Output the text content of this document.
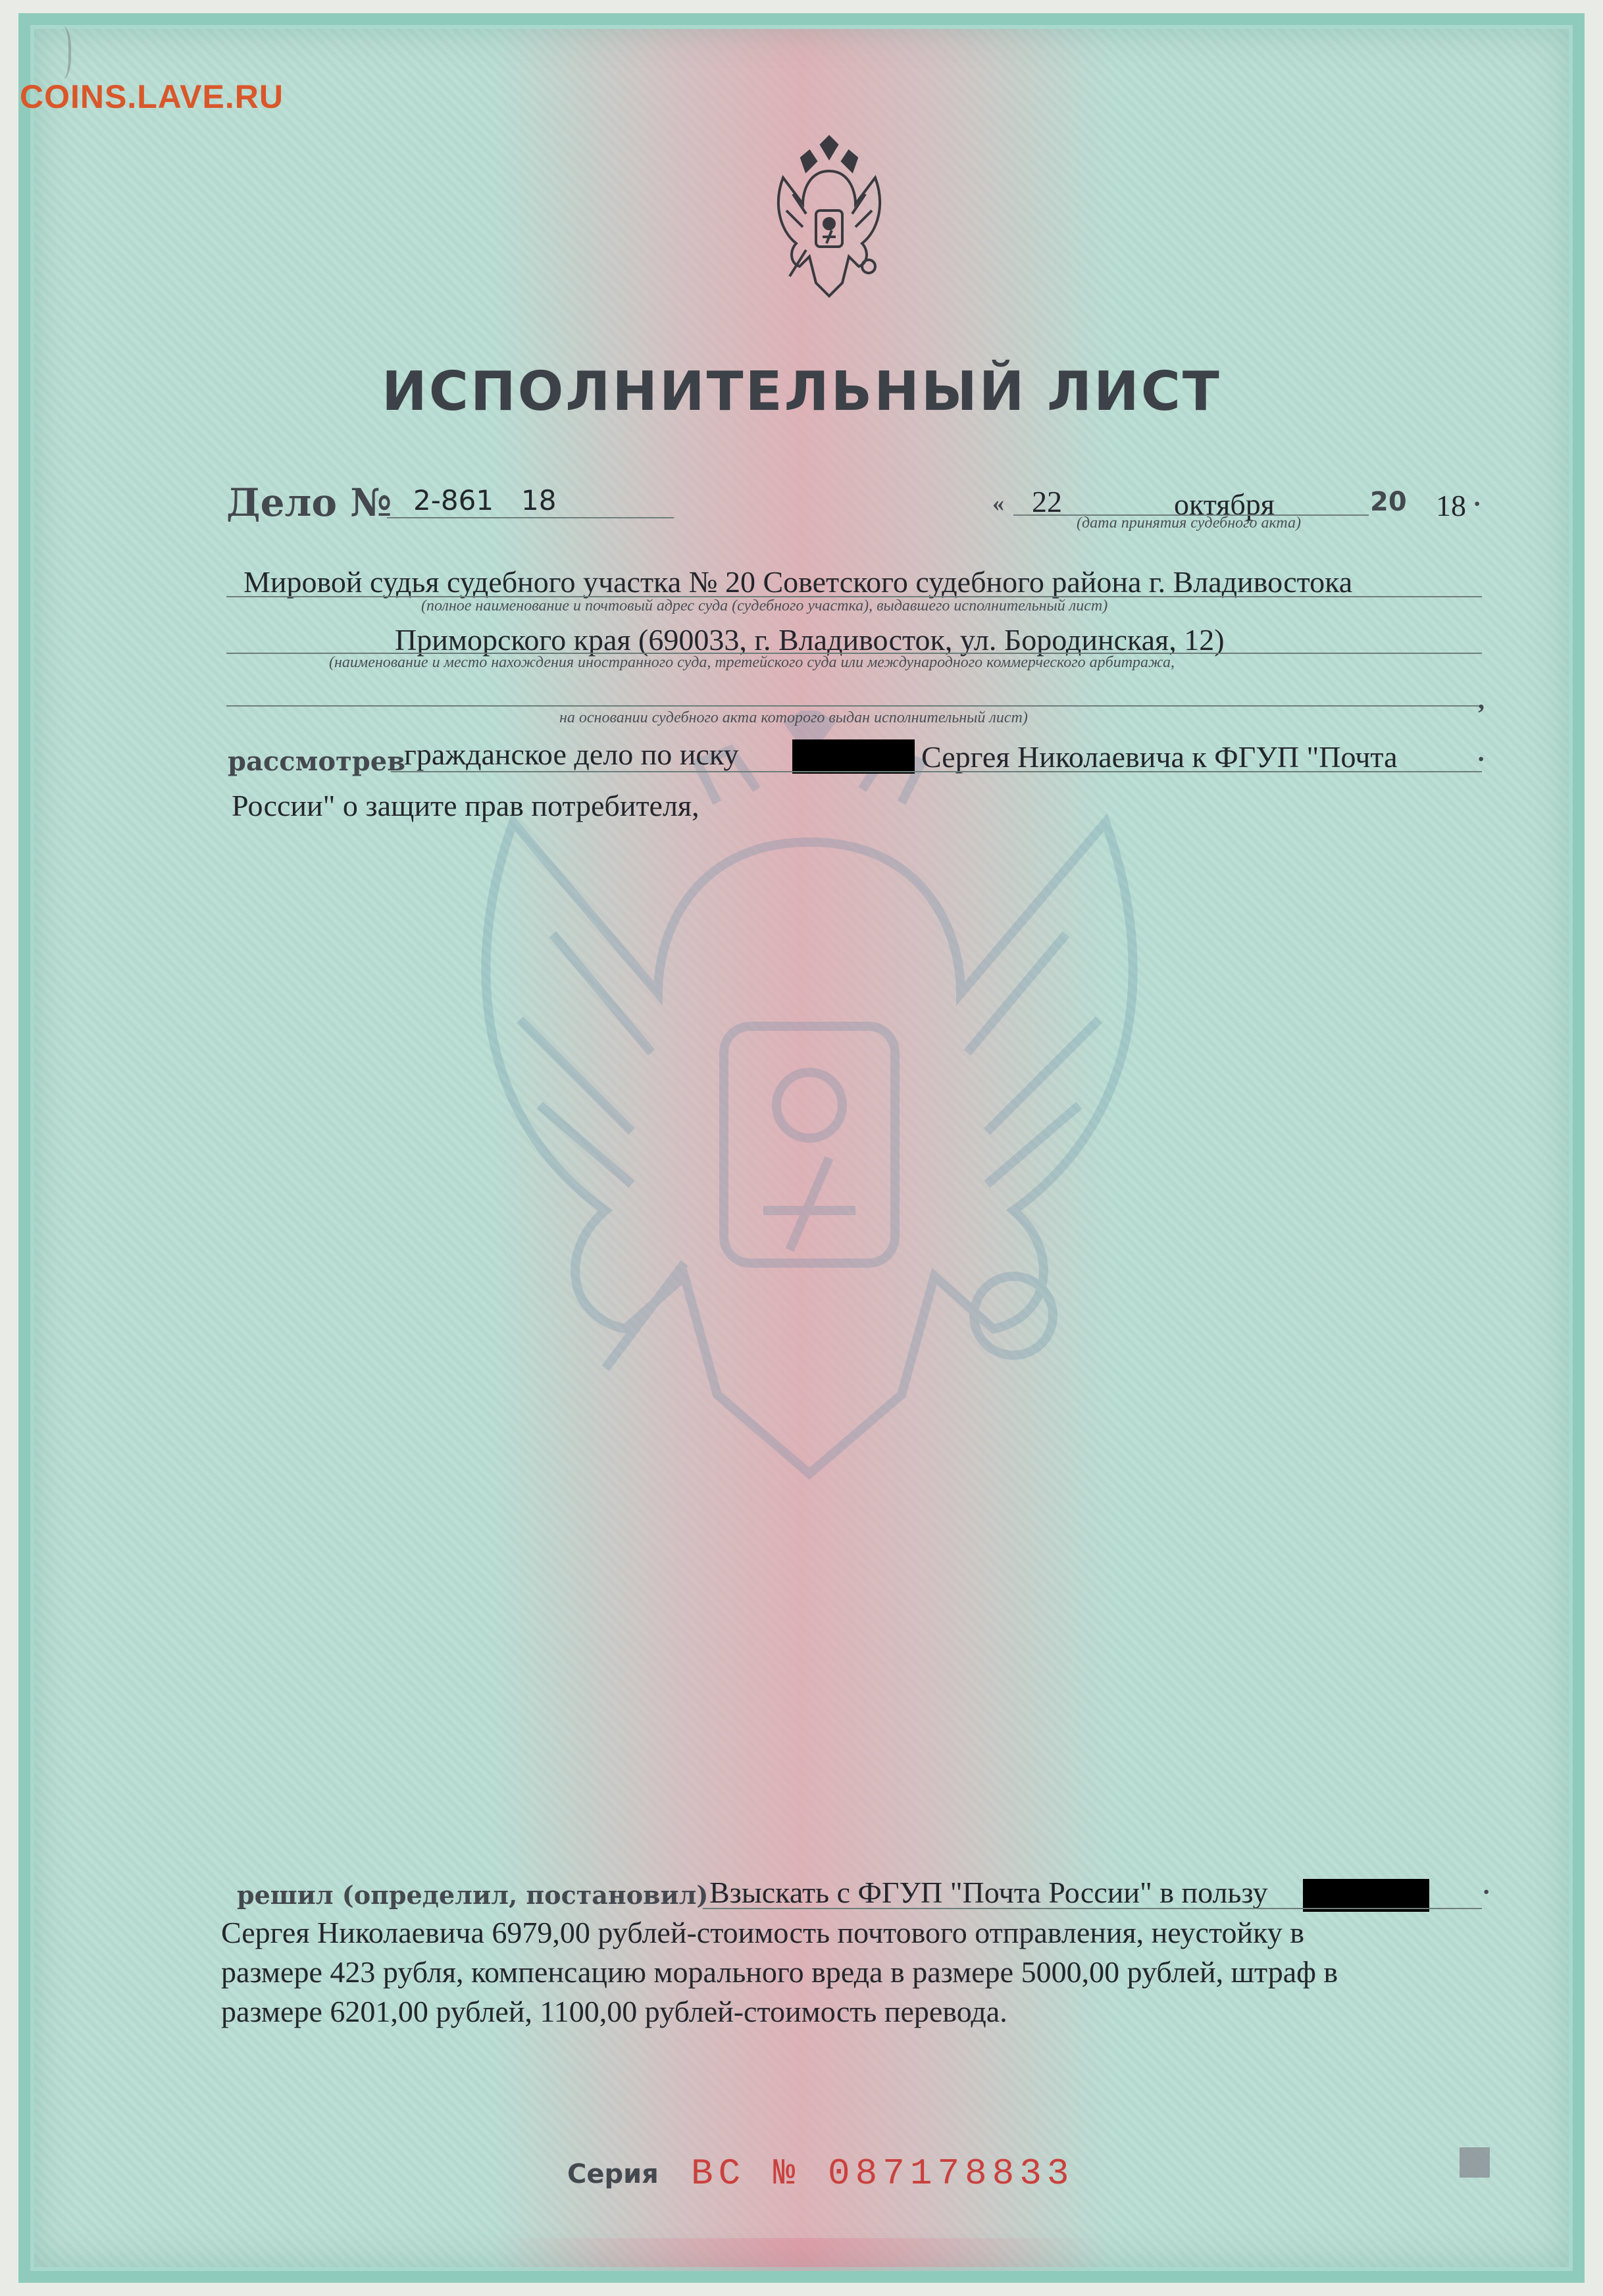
COINS.LAVE.RU
ИСПОЛНИТЕЛЬНЫЙ ЛИСТ
Дело № 2-861 18	« 22	октября	20 18 ·
(дата принятия судебного акта)
Мировой судья судебного участка № 20 Советского судебного района г. Владивостока
(полное наименование и почтовый адрес суда (судебного участка), выдавшего исполнительный лист)
Приморского края (690033, г. Владивосток, ул. Бородинская, 12)
(наименование и место нахождения иностранного суда, третейского суда или международного коммерческого арбитража,
,
на основании судебного акта которого выдан исполнительный лист)
рассмотрев
гражданское дело по иску	Сергея Николаевича к ФГУП "Почта	·
России" о защите прав потребителя,
решил (определил, постановил) Взыскать с ФГУП "Почта России" в пользу	·
Сергея Николаевича 6979,00 рублей-стоимость почтового отправления, неустойку в
размере 423 рубля, компенсацию морального вреда в размере 5000,00 рублей, штраф в
размере 6201,00 рублей, 1100,00 рублей-стоимость перевода.
Серия ВС № 087178833
